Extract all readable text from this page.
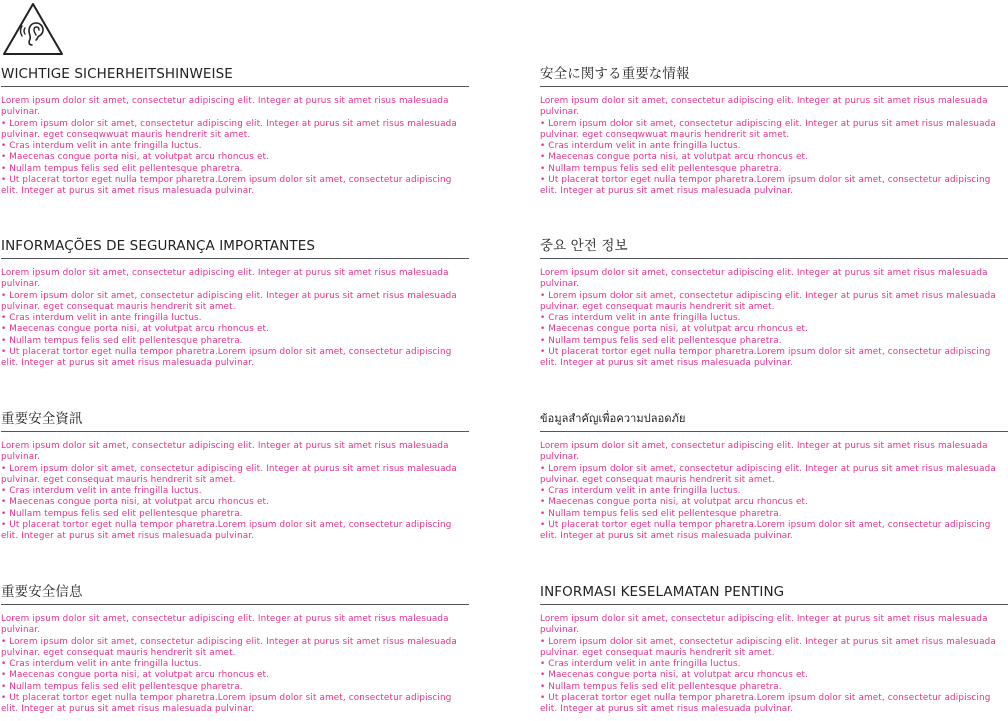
WICHTIGE SICHERHEITSHINWEISE

Lorem ipsum dolor sit amet, consectetur adipiscing elit. Integer at purus sit amet risus malesuada pulvinar.

• Lorem ipsum dolor sit amet, consectetur adipiscing elit. Integer at purus sit amet risus malesuada pulvinar. eget conseqwwuat mauris hendrerit sit amet.

• Cras interdum velit in ante fringilla luctus.

• Maecenas congue porta nisi, at volutpat arcu rhoncus et.

• Nullam tempus felis sed elit pellentesque pharetra.

• Ut placerat tortor eget nulla tempor pharetra.Lorem ipsum dolor sit amet, consectetur adipiscing elit. Integer at purus sit amet risus malesuada pulvinar.

安全に関する重要な情報

Lorem ipsum dolor sit amet, consectetur adipiscing elit. Integer at purus sit amet risus malesuada pulvinar.

• Lorem ipsum dolor sit amet, consectetur adipiscing elit. Integer at purus sit amet risus malesuada pulvinar. eget conseqwwuat mauris hendrerit sit amet.

• Cras interdum velit in ante fringilla luctus.

• Maecenas congue porta nisi, at volutpat arcu rhoncus et.

• Nullam tempus felis sed elit pellentesque pharetra.

• Ut placerat tortor eget nulla tempor pharetra.Lorem ipsum dolor sit amet, consectetur adipiscing elit. Integer at purus sit amet risus malesuada pulvinar.

INFORMAÇÕES DE SEGURANÇA IMPORTANTES

Lorem ipsum dolor sit amet, consectetur adipiscing elit. Integer at purus sit amet risus malesuada pulvinar.

• Lorem ipsum dolor sit amet, consectetur adipiscing elit. Integer at purus sit amet risus malesuada pulvinar. eget consequat mauris hendrerit sit amet.

• Cras interdum velit in ante fringilla luctus.

• Maecenas congue porta nisi, at volutpat arcu rhoncus et.

• Nullam tempus felis sed elit pellentesque pharetra.

• Ut placerat tortor eget nulla tempor pharetra.Lorem ipsum dolor sit amet, consectetur adipiscing elit. Integer at purus sit amet risus malesuada pulvinar.

중요 안전 정보

Lorem ipsum dolor sit amet, consectetur adipiscing elit. Integer at purus sit amet risus malesuada pulvinar.

• Lorem ipsum dolor sit amet, consectetur adipiscing elit. Integer at purus sit amet risus malesuada pulvinar. eget consequat mauris hendrerit sit amet.

• Cras interdum velit in ante fringilla luctus.

• Maecenas congue porta nisi, at volutpat arcu rhoncus et.

• Nullam tempus felis sed elit pellentesque pharetra.

• Ut placerat tortor eget nulla tempor pharetra.Lorem ipsum dolor sit amet, consectetur adipiscing elit. Integer at purus sit amet risus malesuada pulvinar.

重要安全資訊

Lorem ipsum dolor sit amet, consectetur adipiscing elit. Integer at purus sit amet risus malesuada pulvinar.

• Lorem ipsum dolor sit amet, consectetur adipiscing elit. Integer at purus sit amet risus malesuada pulvinar. eget consequat mauris hendrerit sit amet.

• Cras interdum velit in ante fringilla luctus.

• Maecenas congue porta nisi, at volutpat arcu rhoncus et.

• Nullam tempus felis sed elit pellentesque pharetra.

• Ut placerat tortor eget nulla tempor pharetra.Lorem ipsum dolor sit amet, consectetur adipiscing elit. Integer at purus sit amet risus malesuada pulvinar.

ข้อมูลสำคัญเพื่อความปลอดภัย

Lorem ipsum dolor sit amet, consectetur adipiscing elit. Integer at purus sit amet risus malesuada pulvinar.

• Lorem ipsum dolor sit amet, consectetur adipiscing elit. Integer at purus sit amet risus malesuada pulvinar. eget consequat mauris hendrerit sit amet.

• Cras interdum velit in ante fringilla luctus.

• Maecenas congue porta nisi, at volutpat arcu rhoncus et.

• Nullam tempus felis sed elit pellentesque pharetra.

• Ut placerat tortor eget nulla tempor pharetra.Lorem ipsum dolor sit amet, consectetur adipiscing elit. Integer at purus sit amet risus malesuada pulvinar.

重要安全信息

Lorem ipsum dolor sit amet, consectetur adipiscing elit. Integer at purus sit amet risus malesuada pulvinar.

• Lorem ipsum dolor sit amet, consectetur adipiscing elit. Integer at purus sit amet risus malesuada pulvinar. eget consequat mauris hendrerit sit amet.

• Cras interdum velit in ante fringilla luctus.

• Maecenas congue porta nisi, at volutpat arcu rhoncus et.

• Nullam tempus felis sed elit pellentesque pharetra.

• Ut placerat tortor eget nulla tempor pharetra.Lorem ipsum dolor sit amet, consectetur adipiscing elit. Integer at purus sit amet risus malesuada pulvinar.

INFORMASI KESELAMATAN PENTING

Lorem ipsum dolor sit amet, consectetur adipiscing elit. Integer at purus sit amet risus malesuada pulvinar.

• Lorem ipsum dolor sit amet, consectetur adipiscing elit. Integer at purus sit amet risus malesuada pulvinar. eget consequat mauris hendrerit sit amet.

• Cras interdum velit in ante fringilla luctus.

• Maecenas congue porta nisi, at volutpat arcu rhoncus et.

• Nullam tempus felis sed elit pellentesque pharetra.

• Ut placerat tortor eget nulla tempor pharetra.Lorem ipsum dolor sit amet, consectetur adipiscing elit. Integer at purus sit amet risus malesuada pulvinar.
